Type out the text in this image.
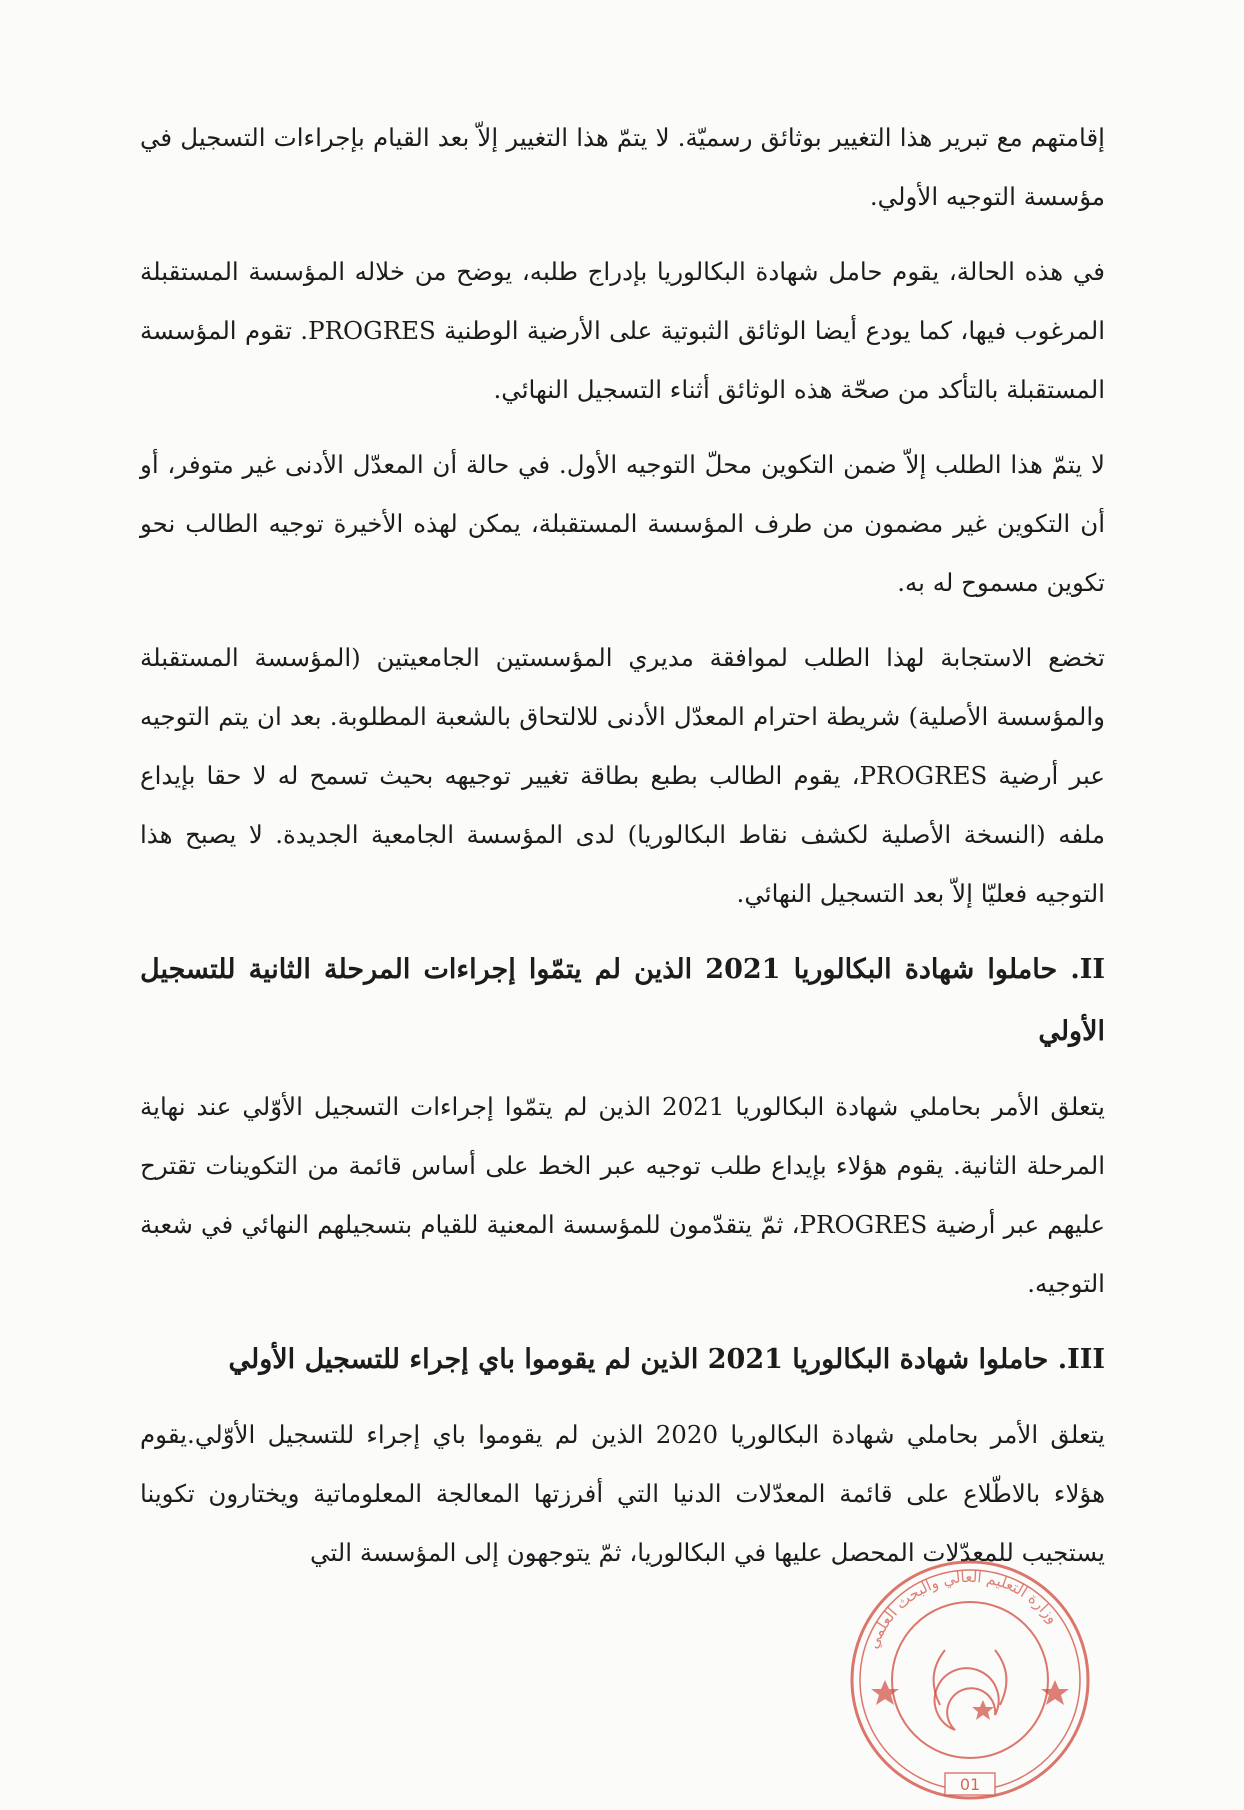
إقامتهم مع تبرير هذا التغيير بوثائق رسميّة. لا يتمّ هذا التغيير إلاّ بعد القيام بإجراءات التسجيل في مؤسسة التوجيه الأولي.

في هذه الحالة، يقوم حامل شهادة البكالوريا بإدراج طلبه، يوضح من خلاله المؤسسة المستقبلة المرغوب فيها، كما يودع أيضا الوثائق الثبوتية على الأرضية الوطنية PROGRES. تقوم المؤسسة المستقبلة بالتأكد من صحّة هذه الوثائق أثناء التسجيل النهائي.

لا يتمّ هذا الطلب إلاّ ضمن التكوين محلّ التوجيه الأول. في حالة أن المعدّل الأدنى غير متوفر، أو أن التكوين غير مضمون من طرف المؤسسة المستقبلة، يمكن لهذه الأخيرة توجيه الطالب نحو تكوين مسموح له به.

تخضع الاستجابة لهذا الطلب لموافقة مديري المؤسستين الجامعيتين (المؤسسة المستقبلة والمؤسسة الأصلية) شريطة احترام المعدّل الأدنى للالتحاق بالشعبة المطلوبة. بعد ان يتم التوجيه عبر أرضية PROGRES، يقوم الطالب بطبع بطاقة تغيير توجيهه بحيث تسمح له لا حقا بإيداع ملفه (النسخة الأصلية لكشف نقاط البكالوريا) لدى المؤسسة الجامعية الجديدة. لا يصبح هذا التوجيه فعليّا إلاّ بعد التسجيل النهائي.

II. حاملوا شهادة البكالوريا 2021 الذين لم يتمّوا إجراءات المرحلة الثانية للتسجيل الأولي

يتعلق الأمر بحاملي شهادة البكالوريا 2021 الذين لم يتمّوا إجراءات التسجيل الأوّلي عند نهاية المرحلة الثانية. يقوم هؤلاء بإيداع طلب توجيه عبر الخط على أساس قائمة من التكوينات تقترح عليهم عبر أرضية PROGRES، ثمّ يتقدّمون للمؤسسة المعنية للقيام بتسجيلهم النهائي في شعبة التوجيه.

III. حاملوا شهادة البكالوريا 2021 الذين لم يقوموا باي إجراء للتسجيل الأولي

يتعلق الأمر بحاملي شهادة البكالوريا 2020 الذين لم يقوموا باي إجراء للتسجيل الأوّلي.يقوم هؤلاء بالاطّلاع على قائمة المعدّلات الدنيا التي أفرزتها المعالجة المعلوماتية ويختارون تكوينا يستجيب للمعدّلات المحصل عليها في البكالوريا، ثمّ يتوجهون إلى المؤسسة التي

وزارة التعليم العالي والبحث العلمي
01
